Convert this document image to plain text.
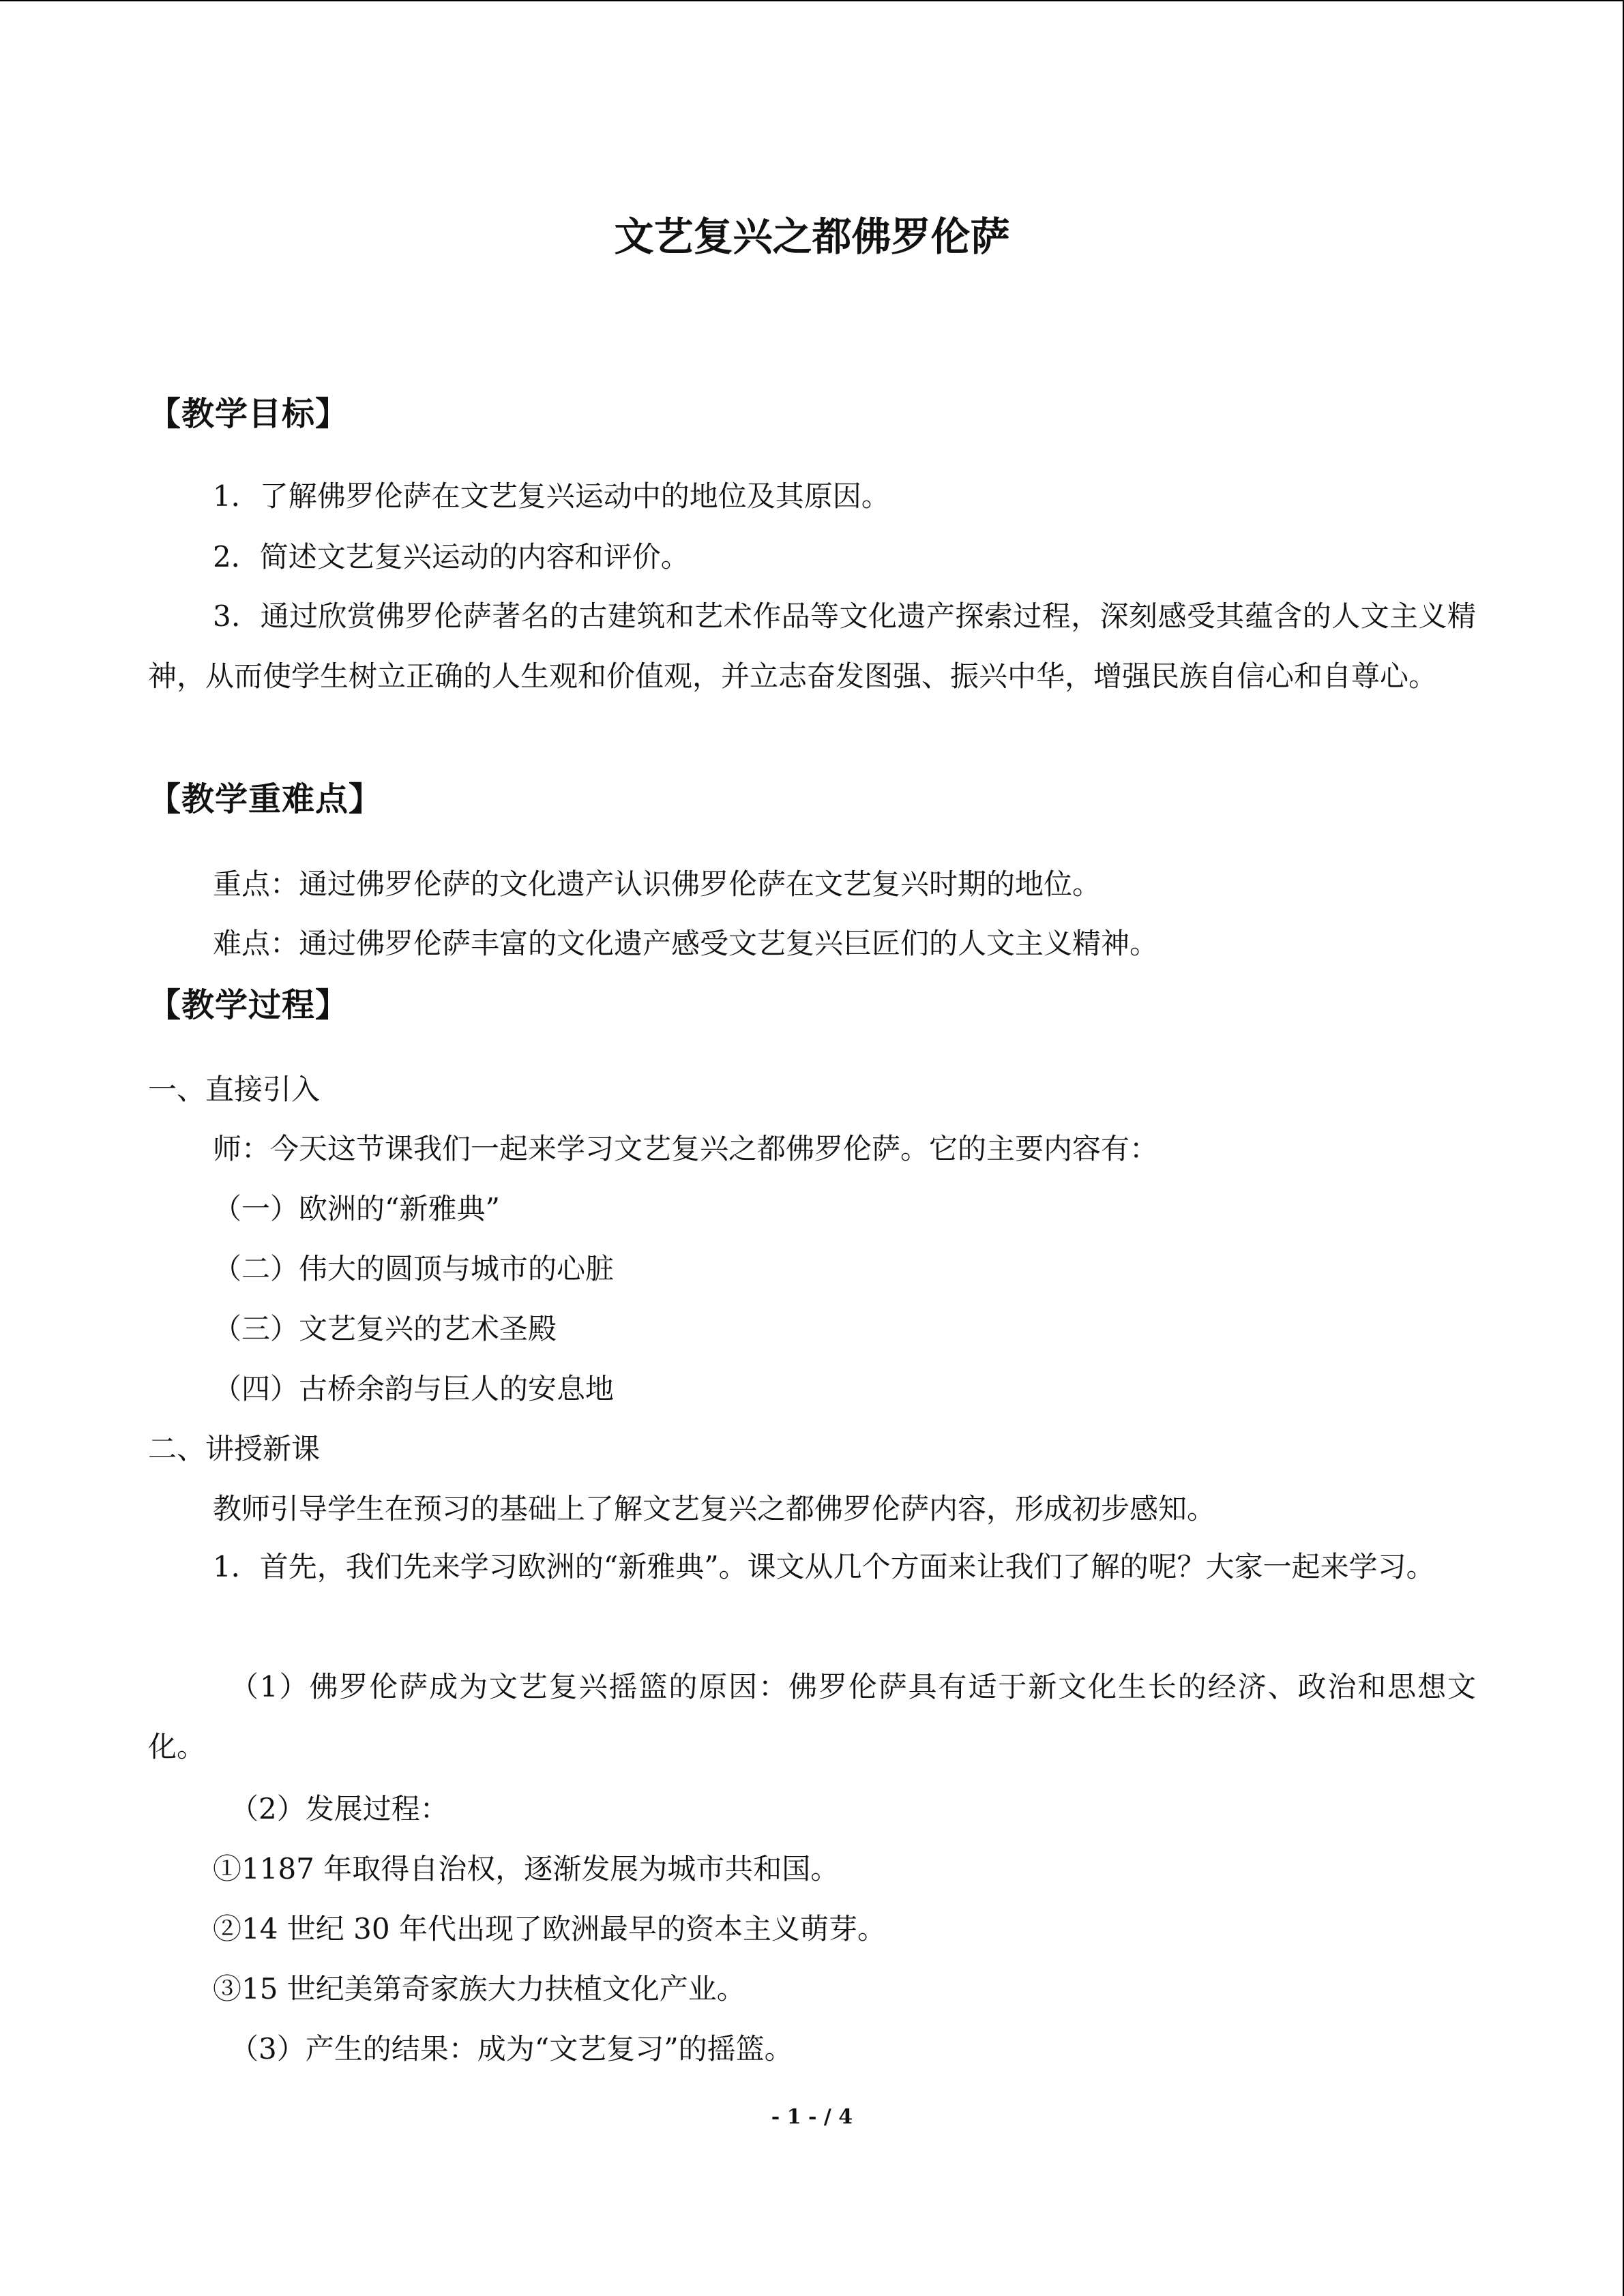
文艺复兴之都佛罗伦萨
【教学目标】

1．了解佛罗伦萨在文艺复兴运动中的地位及其原因。

2．简述文艺复兴运动的内容和评价。

3．通过欣赏佛罗伦萨著名的古建筑和艺术作品等文化遗产探索过程，深刻感受其蕴含的人文主义精神，从而使学生树立正确的人生观和价值观，并立志奋发图强、振兴中华，增强民族自信心和自尊心。

【教学重难点】

重点：通过佛罗伦萨的文化遗产认识佛罗伦萨在文艺复兴时期的地位。

难点：通过佛罗伦萨丰富的文化遗产感受文艺复兴巨匠们的人文主义精神。

【教学过程】

一、直接引入

师：今天这节课我们一起来学习文艺复兴之都佛罗伦萨。它的主要内容有：

（一）欧洲的“新雅典”

（二）伟大的圆顶与城市的心脏

（三）文艺复兴的艺术圣殿

（四）古桥余韵与巨人的安息地

二、讲授新课

教师引导学生在预习的基础上了解文艺复兴之都佛罗伦萨内容，形成初步感知。

1．首先，我们先来学习欧洲的“新雅典”。课文从几个方面来让我们了解的呢？大家一起来学习。

（1）佛罗伦萨成为文艺复兴摇篮的原因：佛罗伦萨具有适于新文化生长的经济、政治和思想文化。

（2）发展过程：

①1187 年取得自治权，逐渐发展为城市共和国。

②14 世纪 30 年代出现了欧洲最早的资本主义萌芽。

③15 世纪美第奇家族大力扶植文化产业。

（3）产生的结果：成为“文艺复习”的摇篮。

- 1 - / 4
